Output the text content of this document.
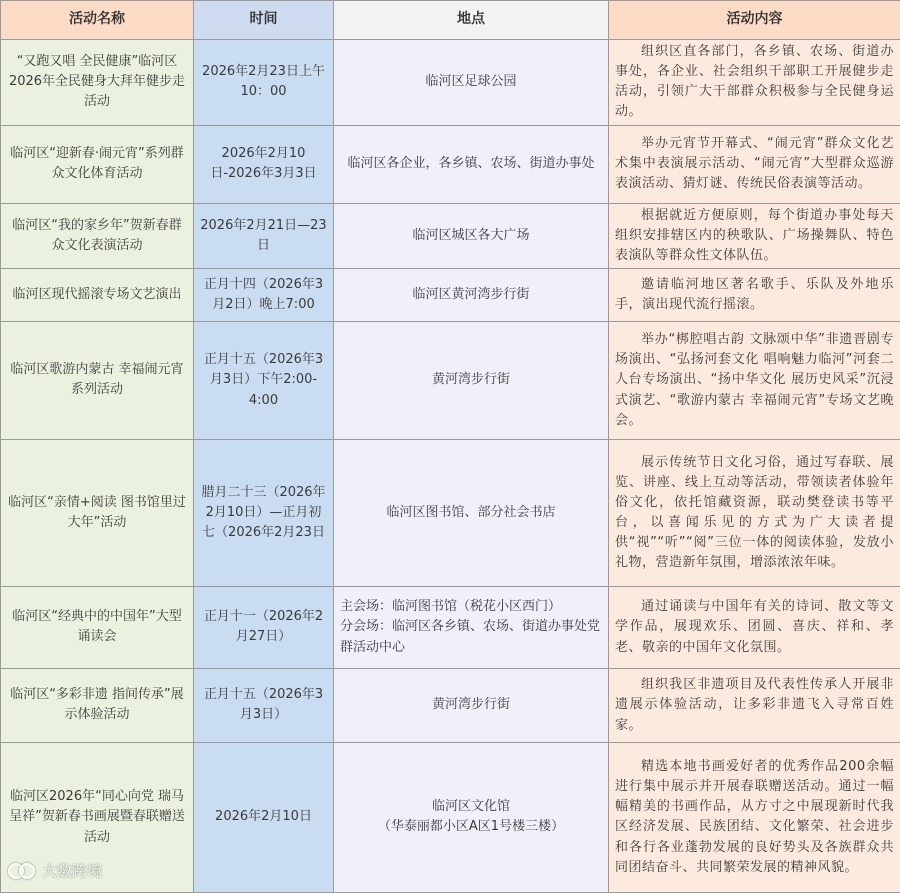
活动名称	时间	地点	活动内容
“又跑又唱 全民健康”临河区2026年全民健身大拜年健步走活动	2026年2月23日上午10：00	临河区足球公园	组织区直各部门，各乡镇、农场、街道办事处，各企业、社会组织干部职工开展健步走活动，引领广大干部群众积极参与全民健身运动。

临河区“迎新春·闹元宵”系列群众文化体育活动	2026年2月10日-2026年3月3日	临河区各企业，各乡镇、农场、街道办事处	举办元宵节开幕式、“闹元宵”群众文化艺术集中表演展示活动、“闹元宵”大型群众巡游表演活动、猜灯谜、传统民俗表演等活动。

临河区“我的家乡年”贺新春群众文化表演活动	2026年2月21日—23日	临河区城区各大广场	根据就近方便原则，每个街道办事处每天组织安排辖区内的秧歌队、广场操舞队、特色表演队等群众性文体队伍。

临河区现代摇滚专场文艺演出	正月十四（2026年3月2日）晚上7:00	临河区黄河湾步行街	邀请临河地区著名歌手、乐队及外地乐手，演出现代流行摇滚。

临河区歌游内蒙古 幸福闹元宵系列活动	正月十五（2026年3月3日）下午2:00-4:00	黄河湾步行街	举办“梆腔唱古韵 文脉颂中华”非遗晋剧专场演出、“弘扬河套文化 唱响魅力临河”河套二人台专场演出、“扬中华文化 展历史风采”沉浸式演艺、“歌游内蒙古 幸福闹元宵”专场文艺晚会。

临河区“亲情+阅读 图书馆里过大年”活动	腊月二十三（2026年2月10日）—正月初七（2026年2月23日	临河区图书馆、部分社会书店	展示传统节日文化习俗，通过写春联、展览、讲座、线上互动等活动，带领读者体验年俗文化，依托馆藏资源，联动樊登读书等平台，以喜闻乐见的方式为广大读者提供“视”“听”“阅”三位一体的阅读体验，发放小礼物，营造新年氛围，增添浓浓年味。

临河区“经典中的中国年”大型诵读会	正月十一（2026年2月27日）	主会场：临河图书馆（税花小区西门）
分会场：临河区各乡镇、农场、街道办事处党群活动中心	通过诵读与中国年有关的诗词、散文等文学作品，展现欢乐、团圆、喜庆、祥和、孝老、敬亲的中国年文化氛围。

临河区“多彩非遗 指间传承”展示体验活动	正月十五（2026年3月3日）	黄河湾步行街	组织我区非遗项目及代表性传承人开展非遗展示体验活动，让多彩非遗飞入寻常百姓家。

临河区2026年“同心向党 瑞马呈祥”贺新春书画展暨春联赠送活动	2026年2月10日	临河区文化馆
（华泰丽都小区A区1号楼三楼）	精选本地书画爱好者的优秀作品200余幅进行集中展示并开展春联赠送活动。通过一幅幅精美的书画作品，从方寸之中展现新时代我区经济发展、民族团结、文化繁荣、社会进步和各行各业蓬勃发展的良好势头及各族群众共同团结奋斗、共同繁荣发展的精神风貌。
大数跨境
